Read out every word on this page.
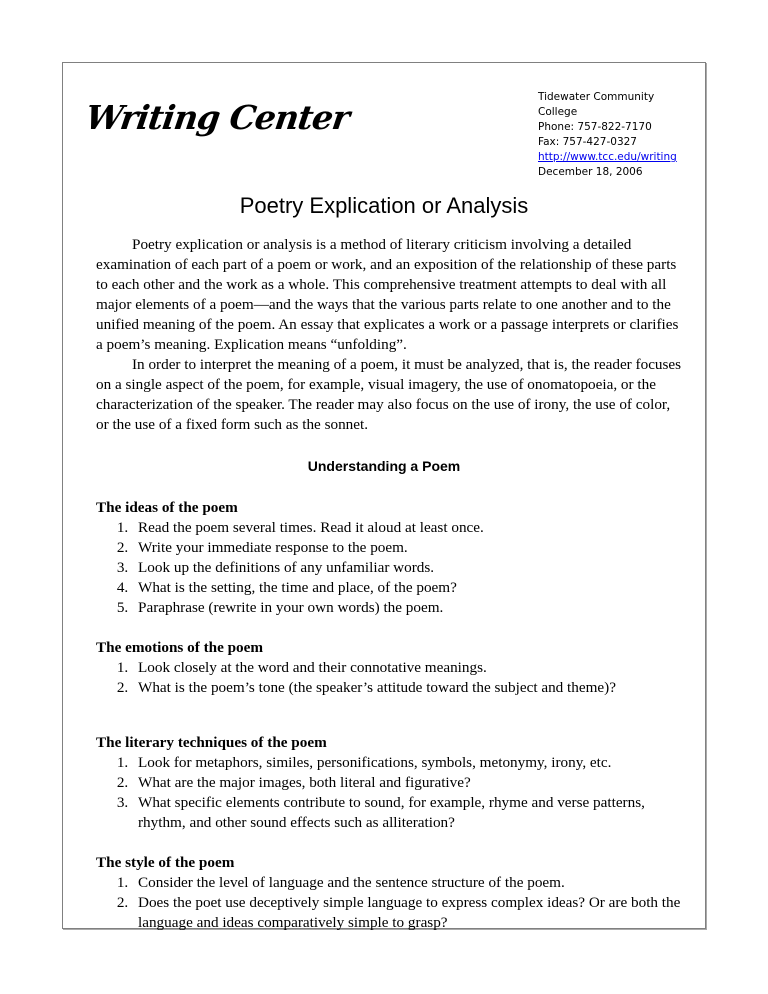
Writing Center
Tidewater Community
College
Phone: 757-822-7170
Fax: 757-427-0327
http://www.tcc.edu/writing
December 18, 2006
Poetry Explication or Analysis

Poetry explication or analysis is a method of literary criticism involving a detailed examination of each part of a poem or work, and an exposition of the relationship of these parts to each other and the work as a whole. This comprehensive treatment attempts to deal with all major elements of a poem—and the ways that the various parts relate to one another and to the unified meaning of the poem. An essay that explicates a work or a passage interprets or clarifies a poem’s meaning. Explication means “unfolding”.

In order to interpret the meaning of a poem, it must be analyzed, that is, the reader focuses on a single aspect of the poem, for example, visual imagery, the use of onomatopoeia, or the characterization of the speaker. The reader may also focus on the use of irony, the use of color, or the use of a fixed form such as the sonnet.

Understanding a Poem
The ideas of the poem
1. Read the poem several times. Read it aloud at least once.
2. Write your immediate response to the poem.
3. Look up the definitions of any unfamiliar words.
4. What is the setting, the time and place, of the poem?
5. Paraphrase (rewrite in your own words) the poem.
The emotions of the poem
1. Look closely at the word and their connotative meanings.
2. What is the poem’s tone (the speaker’s attitude toward the subject and theme)?
The literary techniques of the poem
1. Look for metaphors, similes, personifications, symbols, metonymy, irony, etc.
2. What are the major images, both literal and figurative?
3. What specific elements contribute to sound, for example, rhyme and verse patterns, rhythm, and other sound effects such as alliteration?
The style of the poem
1. Consider the level of language and the sentence structure of the poem.
2. Does the poet use deceptively simple language to express complex ideas? Or are both the language and ideas comparatively simple to grasp?
